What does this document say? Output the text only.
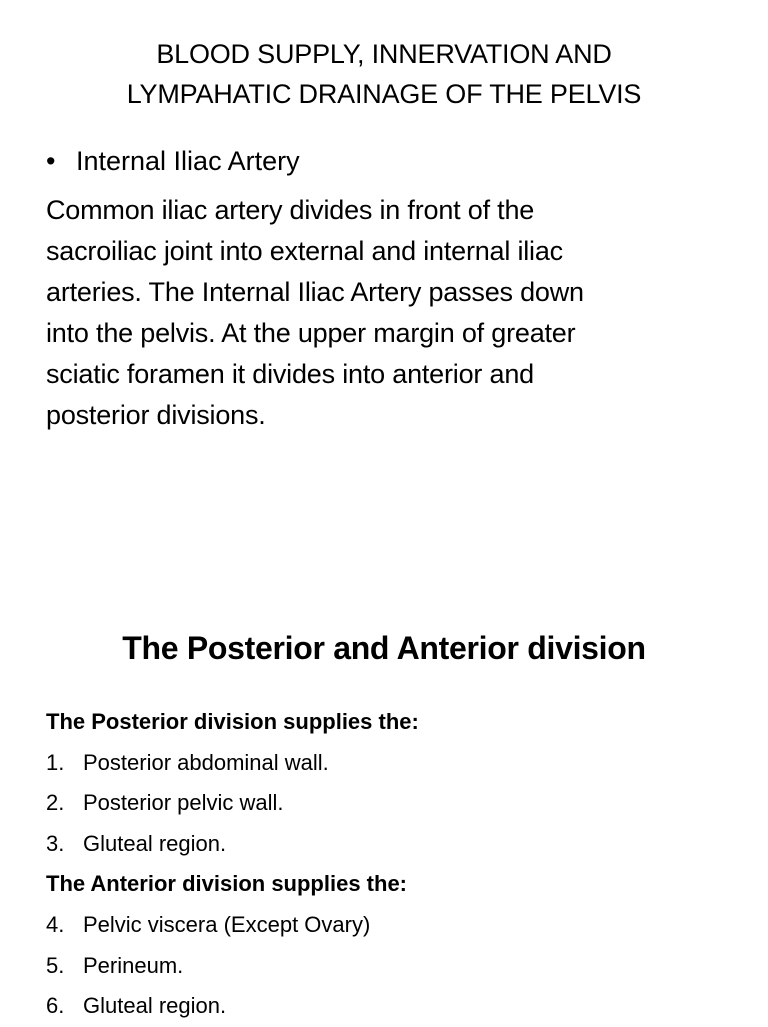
BLOOD SUPPLY, INNERVATION AND
LYMPAHATIC DRAINAGE OF THE PELVIS
• Internal Iliac Artery
Common iliac artery divides in front of the
sacroiliac joint into external and internal iliac
arteries. The Internal Iliac Artery passes down
into the pelvis. At the upper margin of greater
sciatic foramen it divides into anterior and
posterior divisions.
The Posterior and Anterior division
The Posterior division supplies the:
1. Posterior abdominal wall.
2. Posterior pelvic wall.
3. Gluteal region.
The Anterior division supplies the:
4. Pelvic viscera (Except Ovary)
5. Perineum.
6. Gluteal region.
